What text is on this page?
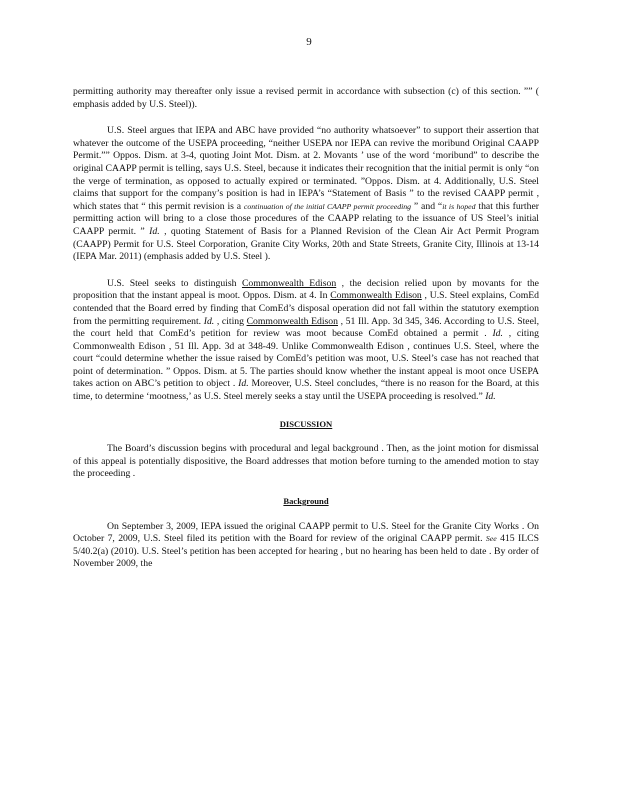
9

permitting authority may thereafter only issue a revised permit in accordance with subsection (c) of this section. ”” ( emphasis added by U.S. Steel)).

U.S. Steel argues that IEPA and ABC have provided “no authority whatsoever” to support their assertion that whatever the outcome of the USEPA proceeding, “neither USEPA nor IEPA can revive the moribund Original CAAPP Permit.”” Oppos. Dism. at 3-4, quoting Joint Mot. Dism. at 2. Movants ’ use of the word ‘moribund” to describe the original CAAPP permit is telling, says U.S. Steel, because it indicates their recognition that the initial permit is only “on the verge of termination, as opposed to actually expired or terminated. ”Oppos. Dism. at 4. Additionally, U.S. Steel claims that support for the company’s position is had in IEPA’s “Statement of Basis ” to the revised CAAPP permit , which states that “ this permit revision is a continuation of the initial CAAPP permit proceeding ” and “it is hoped that this further permitting action will bring to a close those procedures of the CAAPP relating to the issuance of US Steel’s initial CAAPP permit. ” Id. , quoting Statement of Basis for a Planned Revision of the Clean Air Act Permit Program (CAAPP) Permit for U.S. Steel Corporation, Granite City Works, 20th and State Streets, Granite City, Illinois at 13-14 (IEPA Mar. 2011) (emphasis added by U.S. Steel ).

U.S. Steel seeks to distinguish Commonwealth Edison , the decision relied upon by movants for the proposition that the instant appeal is moot. Oppos. Dism. at 4. In Commonwealth Edison , U.S. Steel explains, ComEd contended that the Board erred by finding that ComEd’s disposal operation did not fall within the statutory exemption from the permitting requirement. Id. , citing Commonwealth Edison , 51 Ill. App. 3d 345, 346. According to U.S. Steel, the court held that ComEd’s petition for review was moot because ComEd obtained a permit . Id. , citing Commonwealth Edison , 51 Ill. App. 3d at 348-49. Unlike Commonwealth Edison , continues U.S. Steel, where the court “could determine whether the issue raised by ComEd’s petition was moot, U.S. Steel’s case has not reached that point of determination. ” Oppos. Dism. at 5. The parties should know whether the instant appeal is moot once USEPA takes action on ABC’s petition to object . Id. Moreover, U.S. Steel concludes, “there is no reason for the Board, at this time, to determine ‘mootness,’ as U.S. Steel merely seeks a stay until the USEPA proceeding is resolved.” Id.

DISCUSSION

The Board’s discussion begins with procedural and legal background . Then, as the joint motion for dismissal of this appeal is potentially dispositive, the Board addresses that motion before turning to the amended motion to stay the proceeding .

Background

On September 3, 2009, IEPA issued the original CAAPP permit to U.S. Steel for the Granite City Works . On October 7, 2009, U.S. Steel filed its petition with the Board for review of the original CAAPP permit. See 415 ILCS 5/40.2(a) (2010). U.S. Steel’s petition has been accepted for hearing , but no hearing has been held to date . By order of November 2009, the
